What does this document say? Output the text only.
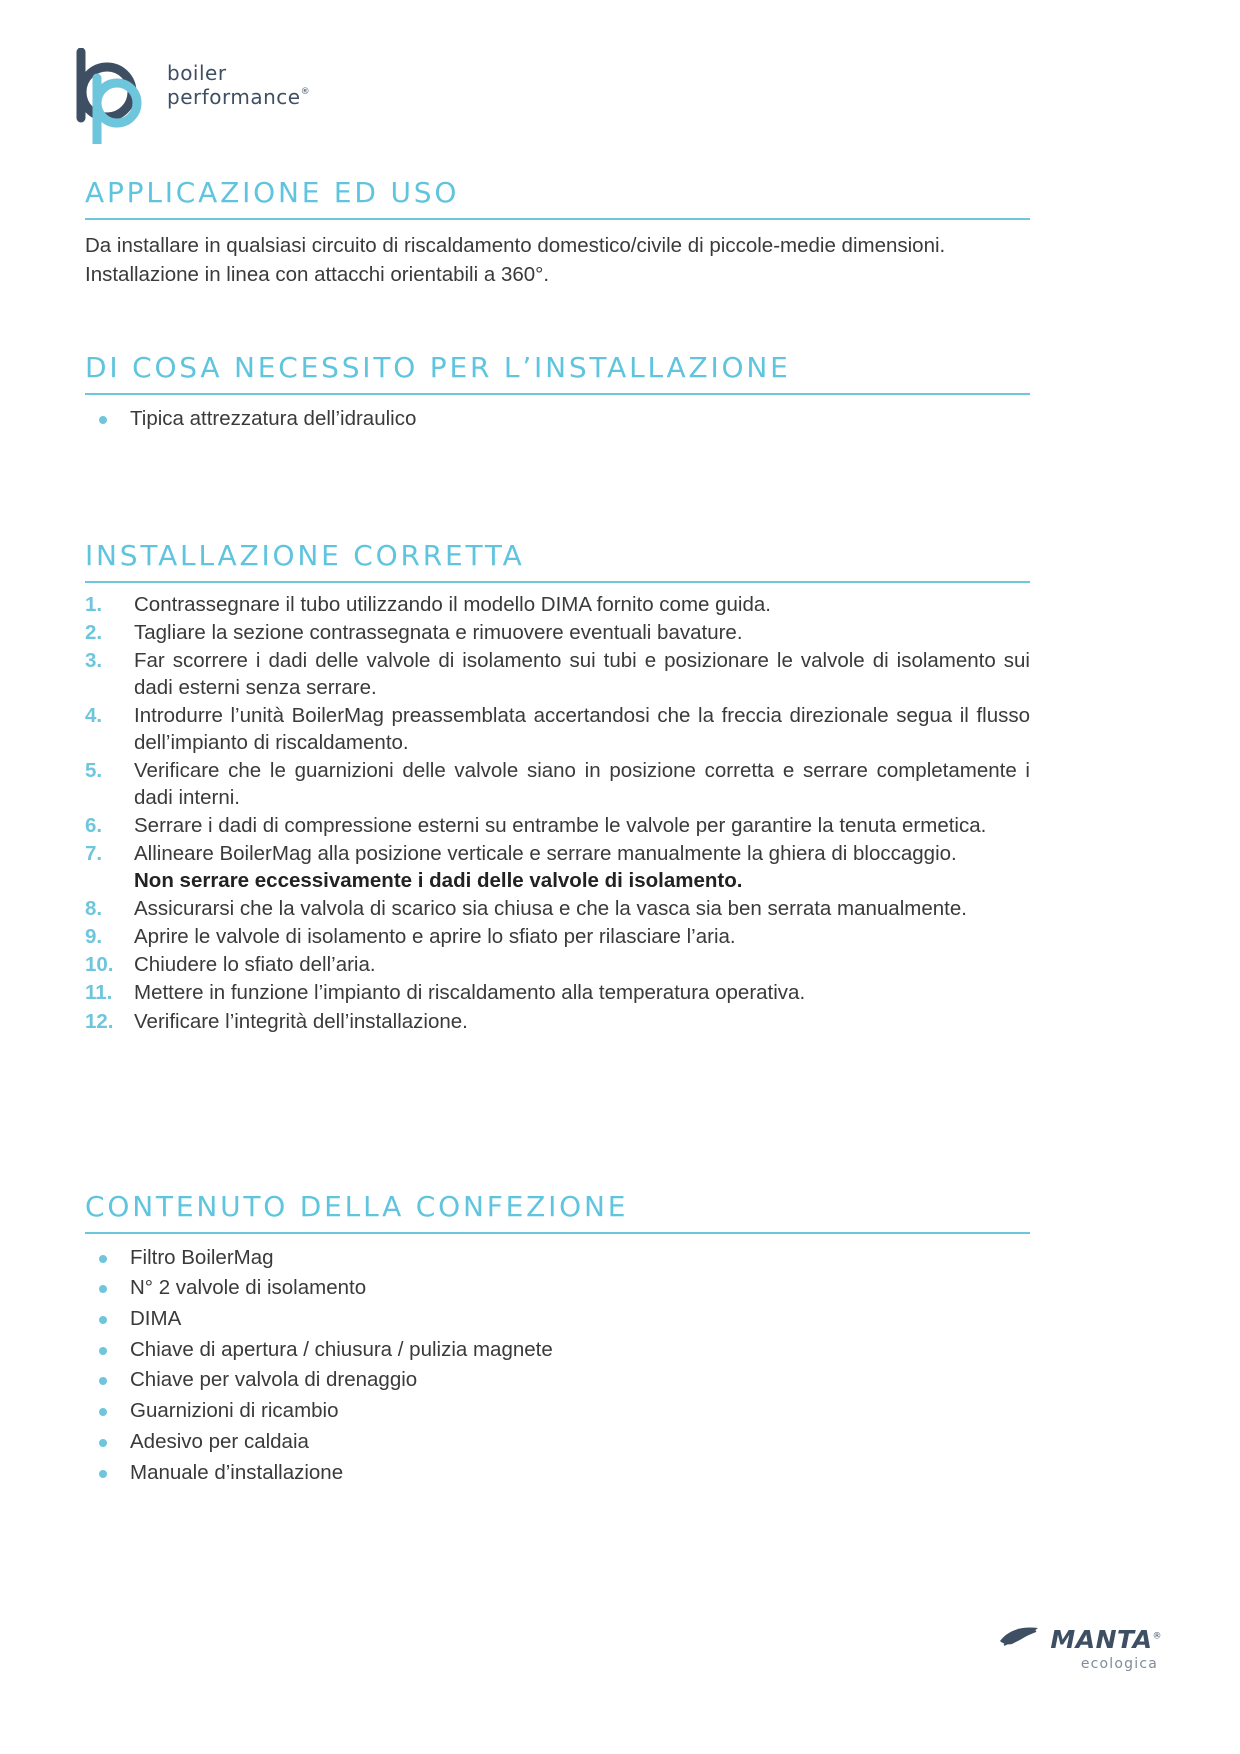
boiler
performance®
APPLICAZIONE ED USO

Da installare in qualsiasi circuito di riscaldamento domestico/civile di piccole-medie dimensioni. Installazione in linea con attacchi orientabili a 360°.

DI COSA NECESSITO PER L’INSTALLAZIONE
Tipica attrezzatura dell’idraulico
INSTALLAZIONE CORRETTA
1.	Contrassegnare il tubo utilizzando il modello DIMA fornito come guida.
2.	Tagliare la sezione contrassegnata e rimuovere eventuali bavature.
3.	Far scorrere i dadi delle valvole di isolamento sui tubi e posizionare le valvole di isolamento sui dadi esterni senza serrare.
4.	Introdurre l’unità BoilerMag preassemblata accertandosi che la freccia direzionale segua il flusso dell’impianto di riscaldamento.
5.	Verificare che le guarnizioni delle valvole siano in posizione corretta e serrare completamente i dadi interni.
6.	Serrare i dadi di compressione esterni su entrambe le valvole per garantire la tenuta ermetica.
7.	Allineare BoilerMag alla posizione verticale e serrare manualmente la ghiera di bloccaggio.
Non serrare eccessivamente i dadi delle valvole di isolamento.
8.	Assicurarsi che la valvola di scarico sia chiusa e che la vasca sia ben serrata manualmente.
9.	Aprire le valvole di isolamento e aprire lo sfiato per rilasciare l’aria.
10.	Chiudere lo sfiato dell’aria.
11.	Mettere in funzione l’impianto di riscaldamento alla temperatura operativa.
12.	Verificare l’integrità dell’installazione.
CONTENUTO DELLA CONFEZIONE
Filtro BoilerMag
N° 2 valvole di isolamento
DIMA
Chiave di apertura / chiusura / pulizia magnete
Chiave per valvola di drenaggio
Guarnizioni di ricambio
Adesivo per caldaia
Manuale d’installazione
MANTA®
ecologica
